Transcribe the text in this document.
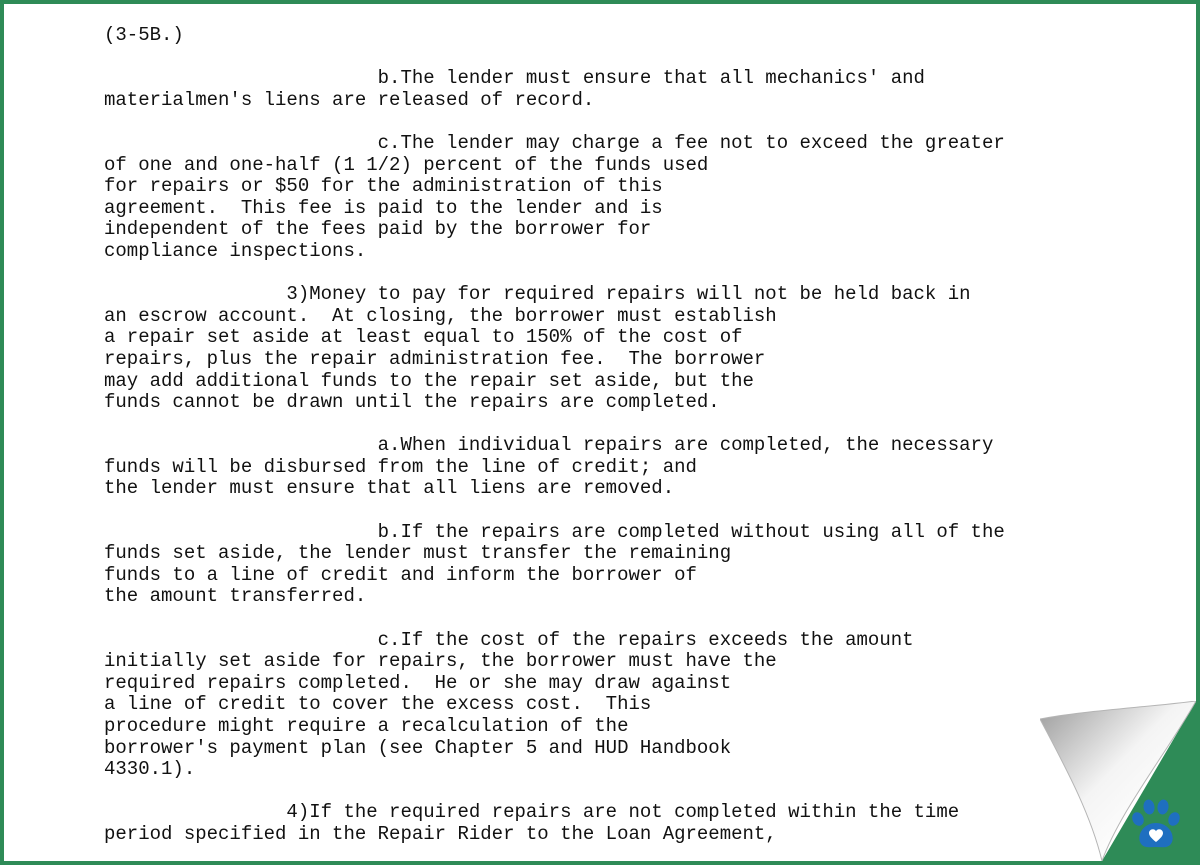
(3-5B.)
b.The lender must ensure that all mechanics' and
materialmen's liens are released of record.
c.The lender may charge a fee not to exceed the greater
of one and one-half (1 1/2) percent of the funds used
for repairs or $50 for the administration of this
agreement.  This fee is paid to the lender and is
independent of the fees paid by the borrower for
compliance inspections.
3)Money to pay for required repairs will not be held back in
an escrow account.  At closing, the borrower must establish
a repair set aside at least equal to 150% of the cost of
repairs, plus the repair administration fee.  The borrower
may add additional funds to the repair set aside, but the
funds cannot be drawn until the repairs are completed.
a.When individual repairs are completed, the necessary
funds will be disbursed from the line of credit; and
the lender must ensure that all liens are removed.
b.If the repairs are completed without using all of the
funds set aside, the lender must transfer the remaining
funds to a line of credit and inform the borrower of
the amount transferred.
c.If the cost of the repairs exceeds the amount
initially set aside for repairs, the borrower must have the
required repairs completed.  He or she may draw against
a line of credit to cover the excess cost.  This
procedure might require a recalculation of the
borrower's payment plan (see Chapter 5 and HUD Handbook
4330.1).
4)If the required repairs are not completed within the time
period specified in the Repair Rider to the Loan Agreement,
